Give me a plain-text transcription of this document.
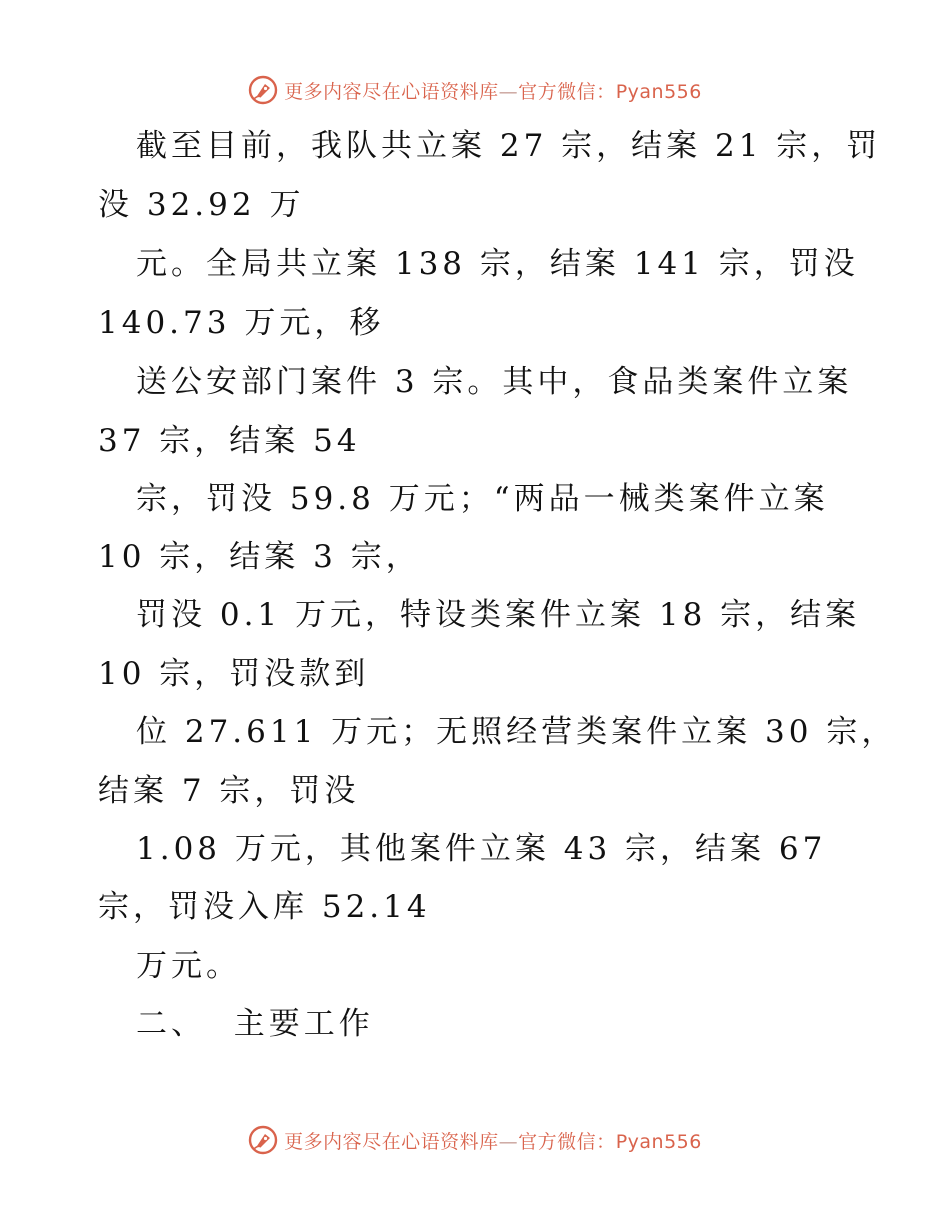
更多内容尽在心语资料库—官方微信：Pyan556
截至目前，我队共立案 27 宗，结案 21 宗，罚
没 32.92 万
元。全局共立案 138 宗，结案 141 宗，罚没
140.73 万元，移
送公安部门案件 3 宗。其中，食品类案件立案
37 宗，结案 54
宗，罚没 59.8 万元；“两品一械类案件立案
10 宗，结案 3 宗，
罚没 0.1 万元，特设类案件立案 18 宗，结案
10 宗，罚没款到
位 27.611 万元；无照经营类案件立案 30 宗，
结案 7 宗，罚没
1.08 万元，其他案件立案 43 宗，结案 67
宗，罚没入库 52.14
万元。
二、  主要工作
更多内容尽在心语资料库—官方微信：Pyan556
